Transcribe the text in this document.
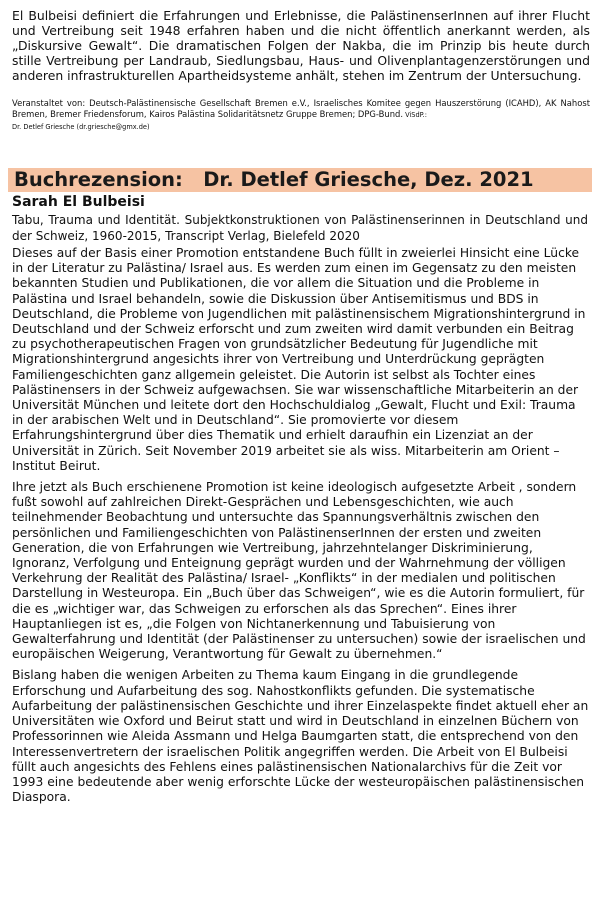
El Bulbeisi definiert die Erfahrungen und Erlebnisse, die PalästinenserInnen auf ihrer Flucht und Vertreibung seit 1948 erfahren haben und die nicht öffentlich anerkannt werden, als „Diskursive Gewalt“. Die dramatischen Folgen der Nakba, die im Prinzip bis heute durch stille Vertreibung per Landraub, Siedlungsbau, Haus- und Olivenplantagenzerstörungen und anderen infrastrukturellen Apartheidsysteme anhält, stehen im Zentrum der Untersuchung.

Veranstaltet von: Deutsch-Palästinensische Gesellschaft Bremen e.V., Israelisches Komitee gegen Hauszerstörung (ICAHD), AK Nahost Bremen, Bremer Friedensforum, Kairos Palästina Solidaritätsnetz Gruppe Bremen; DPG-Bund. ViSdP.:
Dr. Detlef Griesche (dr.griesche@gmx.de)
Buchrezension: Dr. Detlef Griesche, Dez. 2021
Sarah El Bulbeisi
Tabu, Trauma und Identität. Subjektkonstruktionen von Palästinenserinnen in Deutschland und der Schweiz, 1960-2015, Transcript Verlag, Bielefeld 2020

Dieses auf der Basis einer Promotion entstandene Buch füllt in zweierlei Hinsicht eine Lücke in der Literatur zu Palästina/ Israel aus. Es werden zum einen im Gegensatz zu den meisten bekannten Studien und Publikationen, die vor allem die Situation und die Probleme in Palästina und Israel behandeln, sowie die Diskussion über Antisemitismus und BDS in Deutschland, die Probleme von Jugendlichen mit palästinensischem Migrationshintergrund in Deutschland und der Schweiz erforscht und zum zweiten wird damit verbunden ein Beitrag zu psychotherapeutischen Fragen von grundsätzlicher Bedeutung für Jugendliche mit Migrationshintergrund angesichts ihrer von Vertreibung und Unterdrückung geprägten Familiengeschichten ganz allgemein geleistet. Die Autorin ist selbst als Tochter eines Palästinensers in der Schweiz aufgewachsen. Sie war wissenschaftliche Mitarbeiterin an der Universität München und leitete dort den Hochschuldialog „Gewalt, Flucht und Exil: Trauma in der arabischen Welt und in Deutschland“. Sie promovierte vor diesem Erfahrungshintergrund über dies Thematik und erhielt daraufhin ein Lizenziat an der Universität in Zürich. Seit November 2019 arbeitet sie als wiss. Mitarbeiterin am Orient –Institut Beirut.

Ihre jetzt als Buch erschienene Promotion ist keine ideologisch aufgesetzte Arbeit , sondern fußt sowohl auf zahlreichen Direkt-Gesprächen und Lebensgeschichten, wie auch teilnehmender Beobachtung und untersuchte das Spannungsverhältnis zwischen den persönlichen und Familiengeschichten von PalästinenserInnen der ersten und zweiten Generation, die von Erfahrungen wie Vertreibung, jahrzehntelanger Diskriminierung, Ignoranz, Verfolgung und Enteignung geprägt wurden und der Wahrnehmung der völligen Verkehrung der Realität des Palästina/ Israel- „Konflikts“ in der medialen und politischen Darstellung in Westeuropa. Ein „Buch über das Schweigen“, wie es die Autorin formuliert, für die es „wichtiger war, das Schweigen zu erforschen als das Sprechen“. Eines ihrer Hauptanliegen ist es, „die Folgen von Nichtanerkennung und Tabuisierung von Gewalterfahrung und Identität (der Palästinenser zu untersuchen) sowie der israelischen und europäischen Weigerung, Verantwortung für Gewalt zu übernehmen.“

Bislang haben die wenigen Arbeiten zu Thema kaum Eingang in die grundlegende Erforschung und Aufarbeitung des sog. Nahostkonflikts gefunden. Die systematische Aufarbeitung der palästinensischen Geschichte und ihrer Einzelaspekte findet aktuell eher an Universitäten wie Oxford und Beirut statt und wird in Deutschland in einzelnen Büchern von Professorinnen wie Aleida Assmann und Helga Baumgarten statt, die entsprechend von den Interessenvertretern der israelischen Politik angegriffen werden. Die Arbeit von El Bulbeisi füllt auch angesichts des Fehlens eines palästinensischen Nationalarchivs für die Zeit vor 1993 eine bedeutende aber wenig erforschte Lücke der westeuropäischen palästinensischen Diaspora.
